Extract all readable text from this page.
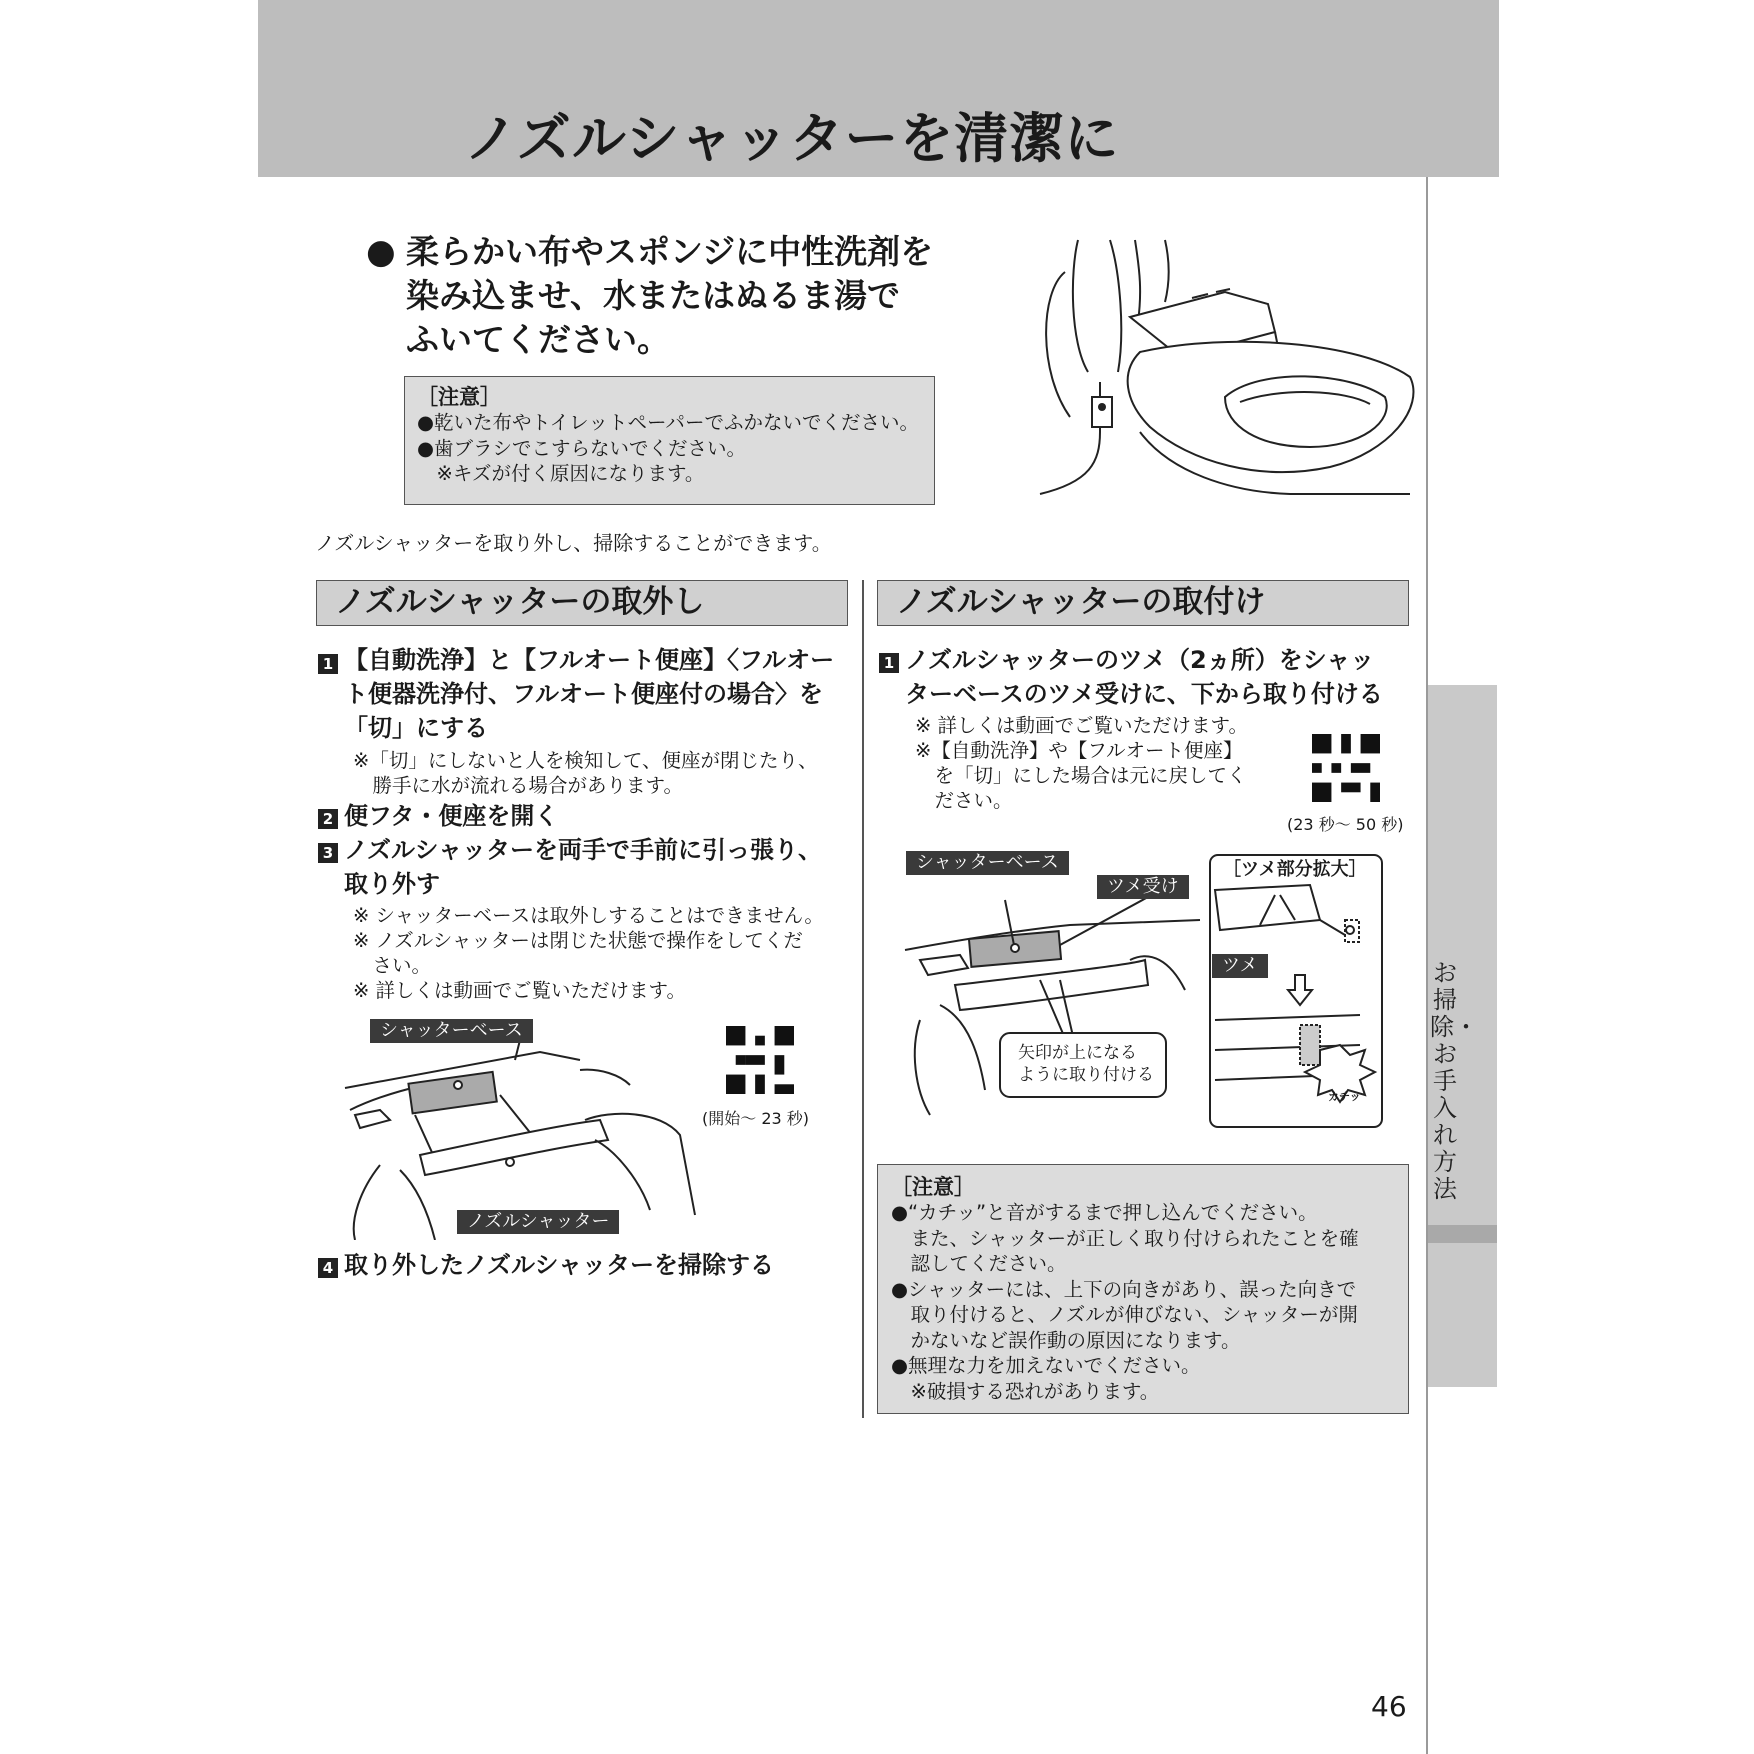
ノズルシャッターを清潔に
お掃除・お手入れ方法
● 柔らかい布やスポンジに中性洗剤を
染み込ませ、水またはぬるま湯で
ふいてください。
［注意］
●乾いた布やトイレットペーパーでふかないでください。
●歯ブラシでこすらないでください。
　※キズが付く原因になります。
ノズルシャッターを取り外し、掃除することができます。
ノズルシャッターの取外し	ノズルシャッターの取付け
1 【自動洗浄】と【フルオート便座】〈フルオー
ト便器洗浄付、フルオート便座付の場合〉を
「切」にする
※「切」にしないと人を検知して、便座が閉じたり、
　勝手に水が流れる場合があります。
2 便フタ・便座を開く
3 ノズルシャッターを両手で手前に引っ張り、
取り外す
※ シャッターベースは取外しすることはできません。
※ ノズルシャッターは閉じた状態で操作をしてくだ
　さい。
※ 詳しくは動画でご覧いただけます。
シャッターベース
ノズルシャッター
(開始～ 23 秒)
4 取り外したノズルシャッターを掃除する
1 ノズルシャッターのツメ（2ヵ所）をシャッ
ターベースのツメ受けに、下から取り付ける
※ 詳しくは動画でご覧いただけます。
※【自動洗浄】や【フルオート便座】
　を「切」にした場合は元に戻してく
　ださい。
(23 秒～ 50 秒)
シャッターベース
ツメ受け
ツメ
［ツメ部分拡大］
カチッ
矢印が上になる
ように取り付ける
［注意］
●“カチッ”と音がするまで押し込んでください。
　また、シャッターが正しく取り付けられたことを確
　認してください。
●シャッターには、上下の向きがあり、誤った向きで
　取り付けると、ノズルが伸びない、シャッターが開
　かないなど誤作動の原因になります。
●無理な力を加えないでください。
　※破損する恐れがあります。
46
